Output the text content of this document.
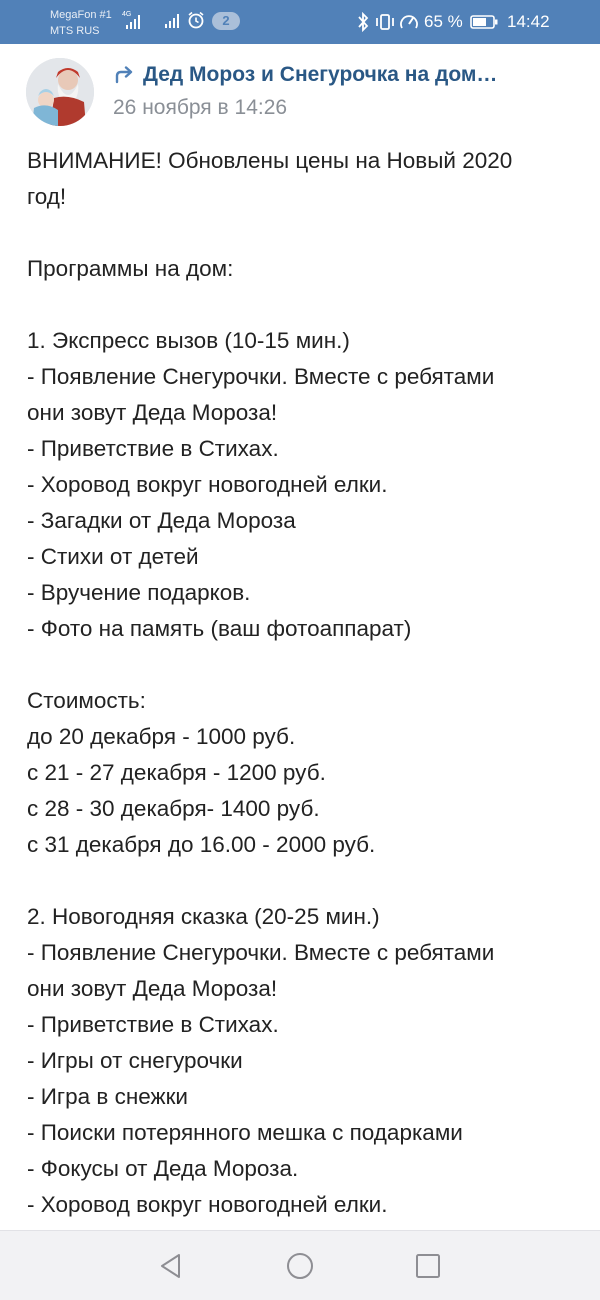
MegaFon #1
MTS RUS
4G	2	65 %	14:42
Дед Мороз и Снегурочка на дом…
26 ноября в 14:26
ВНИМАНИЕ! Обновлены цены на Новый 2020
год!
Программы на дом:
1. Экспресс вызов (10-15 мин.)
- Появление Снегурочки. Вместе с ребятами
они зовут Деда Мороза!
- Приветствие в Стихах.
- Хоровод вокруг новогодней елки.
- Загадки от Деда Мороза
- Стихи от детей
- Вручение подарков.
- Фото на память (ваш фотоаппарат)
Стоимость:
до 20 декабря - 1000 руб.
с 21 - 27 декабря - 1200 руб.
с 28 - 30 декабря- 1400 руб.
с 31 декабря до 16.00 - 2000 руб.
2. Новогодняя сказка (20-25 мин.)
- Появление Снегурочки. Вместе с ребятами
они зовут Деда Мороза!
- Приветствие в Стихах.
- Игры от снегурочки
- Игра в снежки
- Поиски потерянного мешка с подарками
- Фокусы от Деда Мороза.
- Хоровод вокруг новогодней елки.
